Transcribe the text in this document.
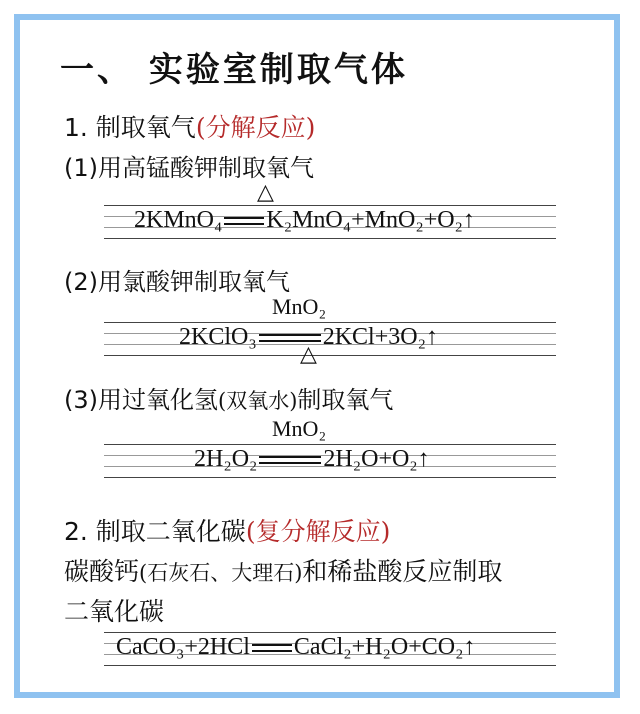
一、 实验室制取气体
1. 制取氧气(分解反应)
(1)用高锰酸钾制取氧气
△
2KMnO₄ K₂MnO₄+MnO₂+O₂↑
(2)用氯酸钾制取氧气
MnO₂
2KClO₃	2KCl+3O₂↑
△
(3)用过氧化氢(双氧水)制取氧气
MnO₂
2H₂O₂	2H₂O+O₂↑
2. 制取二氧化碳(复分解反应)
碳酸钙(石灰石、大理石)和稀盐酸反应制取
二氧化碳
CaCO₃+2HCl CaCl₂+H₂O+CO₂↑
